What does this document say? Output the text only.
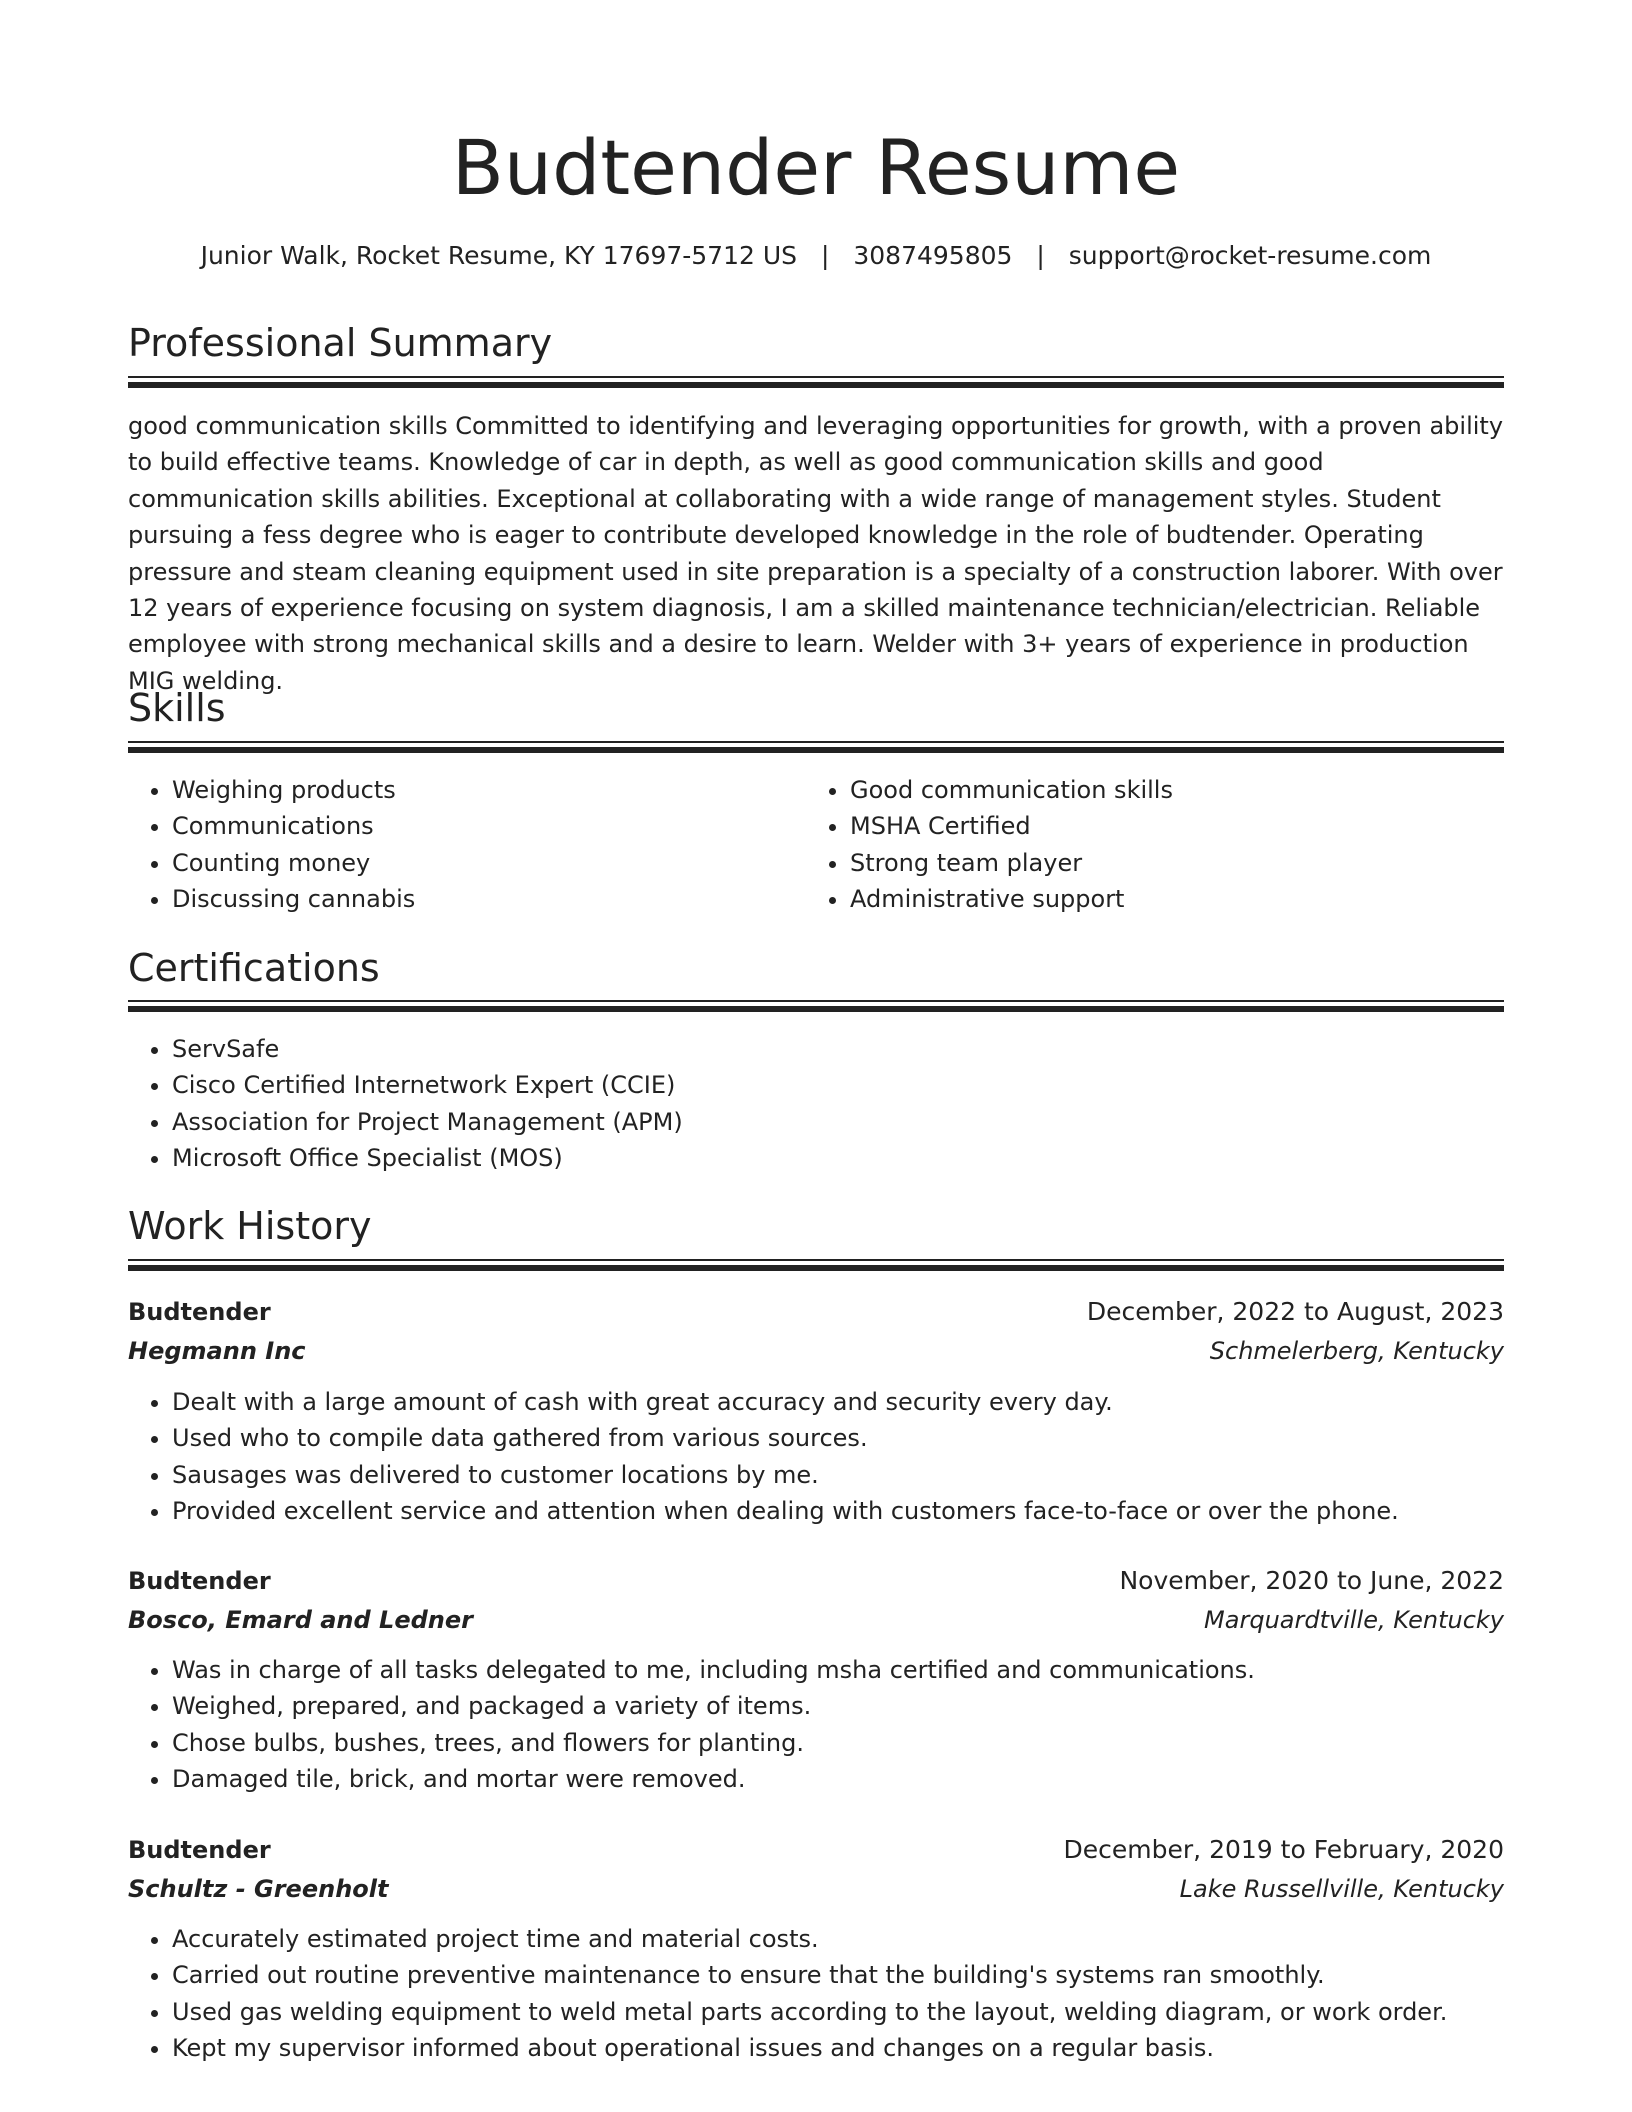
Budtender Resume
Junior Walk, Rocket Resume, KY 17697-5712 US | 3087495805 | support@rocket-resume.com
Professional Summary

good communication skills Committed to identifying and leveraging opportunities for growth, with a proven ability to build effective teams. Knowledge of car in depth, as well as good communication skills and good communication skills abilities. Exceptional at collaborating with a wide range of management styles. Student pursuing a fess degree who is eager to contribute developed knowledge in the role of budtender. Operating pressure and steam cleaning equipment used in site preparation is a specialty of a construction laborer. With over 12 years of experience focusing on system diagnosis, I am a skilled maintenance technician/electrician. Reliable employee with strong mechanical skills and a desire to learn. Welder with 3+ years of experience in production MIG welding.

Skills
• Weighing products
• Communications
• Counting money
• Discussing cannabis
• Good communication skills
• MSHA Certified
• Strong team player
• Administrative support
Certifications
• ServSafe
• Cisco Certified Internetwork Expert (CCIE)
• Association for Project Management (APM)
• Microsoft Office Specialist (MOS)
Work History
Budtender	December, 2022 to August, 2023
Hegmann Inc	Schmelerberg, Kentucky
• Dealt with a large amount of cash with great accuracy and security every day.
• Used who to compile data gathered from various sources.
• Sausages was delivered to customer locations by me.
• Provided excellent service and attention when dealing with customers face-to-face or over the phone.
Budtender	November, 2020 to June, 2022
Bosco, Emard and Ledner	Marquardtville, Kentucky
• Was in charge of all tasks delegated to me, including msha certified and communications.
• Weighed, prepared, and packaged a variety of items.
• Chose bulbs, bushes, trees, and flowers for planting.
• Damaged tile, brick, and mortar were removed.
Budtender	December, 2019 to February, 2020
Schultz - Greenholt	Lake Russellville, Kentucky
• Accurately estimated project time and material costs.
• Carried out routine preventive maintenance to ensure that the building's systems ran smoothly.
• Used gas welding equipment to weld metal parts according to the layout, welding diagram, or work order.
• Kept my supervisor informed about operational issues and changes on a regular basis.
